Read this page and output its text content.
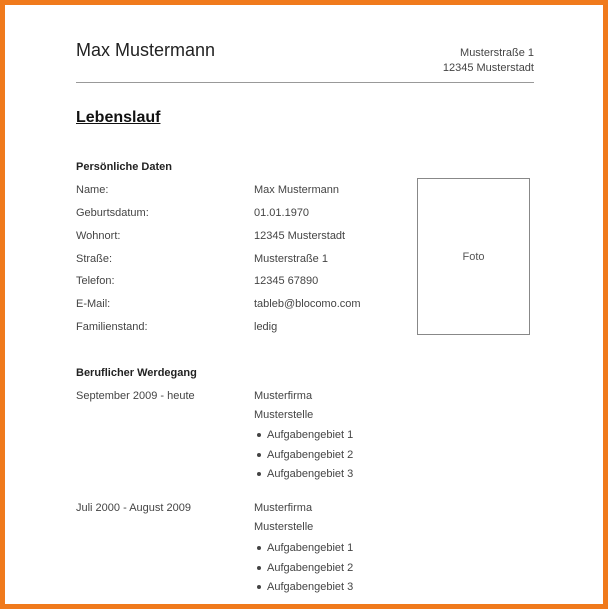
Max Mustermann	Musterstraße 1
12345 Musterstadt
Lebenslauf
Persönliche Daten
Name:	Max Mustermann
Geburtsdatum:	01.01.1970
Wohnort:	12345 Musterstadt
Straße:	Musterstraße 1
Telefon:	12345 67890
E-Mail:	tableb@blocomo.com
Familienstand:	ledig
Foto
Beruflicher Werdegang
September 2009 - heute	Musterfirma
Musterstelle
Aufgabengebiet 1
Aufgabengebiet 2
Aufgabengebiet 3
Juli 2000 - August 2009	Musterfirma
Musterstelle
Aufgabengebiet 1
Aufgabengebiet 2
Aufgabengebiet 3
